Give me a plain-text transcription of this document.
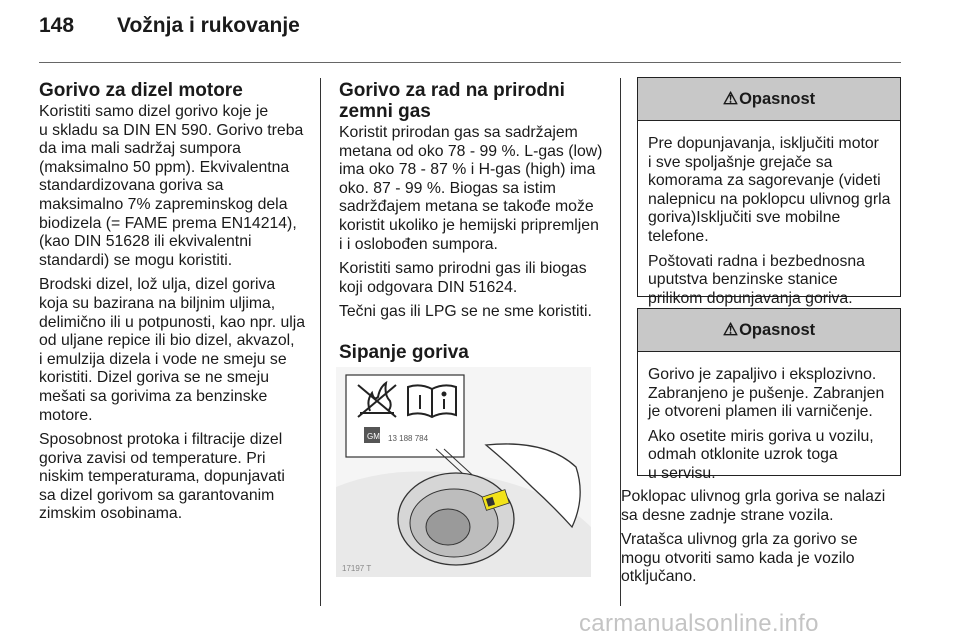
148 Vožnja i rukovanje
Gorivo za dizel motore

Koristiti samo dizel gorivo koje je
u skladu sa DIN EN 590. Gorivo treba
da ima mali sadržaj sumpora
(maksimalno 50 ppm). Ekvivalentna
standardizovana goriva sa
maksimalno 7% zapreminskog dela
biodizela (= FAME prema EN14214),
(kao DIN 51628 ili ekvivalentni
standardi) se mogu koristiti.

Brodski dizel, lož ulja, dizel goriva
koja su bazirana na biljnim uljima,
delimično ili u potpunosti, kao npr. ulja
od uljane repice ili bio dizel, akvazol,
i emulzija dizela i vode ne smeju se
koristiti. Dizel goriva se ne smeju
mešati sa gorivima za benzinske
motore.

Sposobnost protoka i filtracije dizel
goriva zavisi od temperature. Pri
niskim temperaturama, dopunjavati
sa dizel gorivom sa garantovanim
zimskim osobinama.

Gorivo za rad na prirodni
zemni gas

Koristit prirodan gas sa sadržajem
metana od oko 78 - 99 %. L-gas (low)
ima oko 78 - 87 % i H-gas (high) ima
oko. 87 - 99 %. Biogas sa istim
sadržđajem metana se takođe može
koristit ukoliko je hemijski pripremljen
i i oslobođen sumpora.

Koristiti samo prirodni gas ili biogas
koji odgovara DIN 51624.

Tečni gas ili LPG se ne sme koristiti.

Sipanje goriva
GM 13 188 784
17197 T
⚠ Opasnost

Pre dopunjavanja, isključiti motor
i sve spoljašnje grejače sa
komorama za sagorevanje (videti
nalepnicu na poklopcu ulivnog grla
goriva)Isključiti sve mobilne
telefone.

Poštovati radna i bezbednosna
uputstva benzinske stanice
prilikom dopunjavanja goriva.

⚠ Opasnost

Gorivo je zapaljivo i eksplozivno.
Zabranjeno je pušenje. Zabranjen
je otvoreni plamen ili varničenje.

Ako osetite miris goriva u vozilu,
odmah otklonite uzrok toga
u servisu.

Poklopac ulivnog grla goriva se nalazi
sa desne zadnje strane vozila.

Vratašca ulivnog grla za gorivo se
mogu otvoriti samo kada je vozilo
otključano.

carmanualsonline.info
